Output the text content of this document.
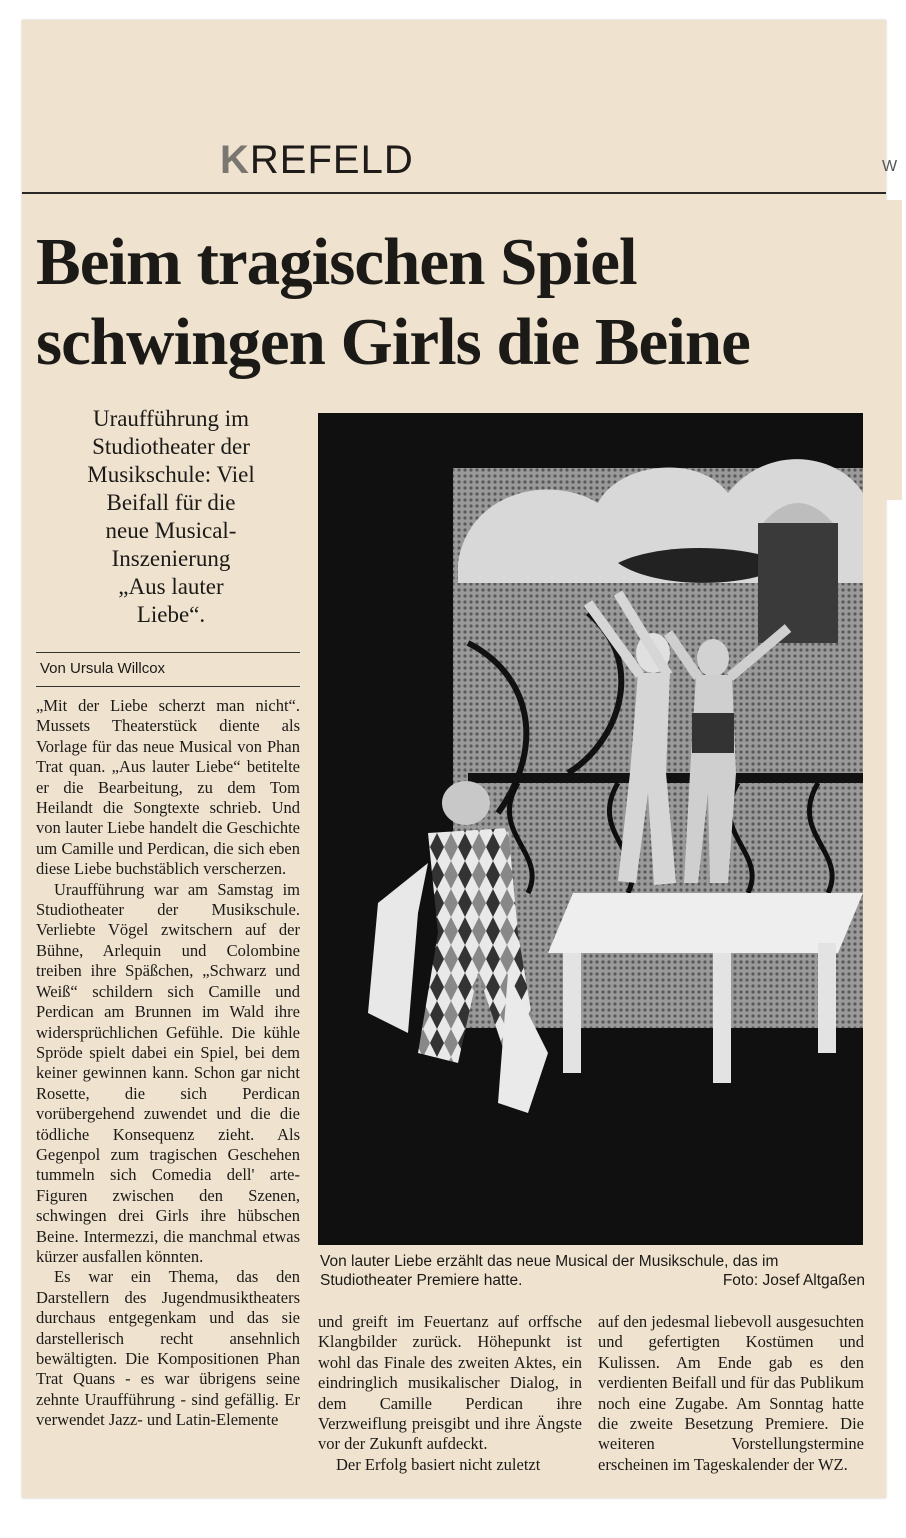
KREFELD	W
Beim tragischen Spiel
schwingen Girls die Beine
Uraufführung im
Studiotheater der
Musikschule: Viel
Beifall für die
neue Musical-
Inszenierung
„Aus lauter
Liebe“.
Von Ursula Willcox

„Mit der Liebe scherzt man nicht“. Mussets Theaterstück diente als Vorlage für das neue Musical von Phan Trat quan. „Aus lauter Liebe“ betitelte er die Bearbeitung, zu dem Tom Heilandt die Songtexte schrieb. Und von lauter Liebe handelt die Geschichte um Camille und Perdican, die sich eben diese Liebe buchstäblich verscherzen.

Uraufführung war am Samstag im Studiotheater der Musikschule. Verliebte Vögel zwitschern auf der Bühne, Arlequin und Colombine treiben ihre Späßchen, „Schwarz und Weiß“ schildern sich Camille und Perdican am Brunnen im Wald ihre widersprüchlichen Gefühle. Die kühle Spröde spielt dabei ein Spiel, bei dem keiner gewinnen kann. Schon gar nicht Rosette, die sich Perdican vorübergehend zuwendet und die die tödliche Konsequenz zieht. Als Gegenpol zum tragischen Geschehen tummeln sich Comedia dell' arte-Figuren zwischen den Szenen, schwingen drei Girls ihre hübschen Beine. Intermezzi, die manchmal etwas kürzer ausfallen könnten.

Es war ein Thema, das den Darstellern des Jugendmusiktheaters durchaus entgegenkam und das sie darstellerisch recht ansehnlich bewältigten. Die Kompositionen Phan Trat Quans - es war übrigens seine zehnte Uraufführung - sind gefällig. Er verwendet Jazz- und Latin-Elemente

Von lauter Liebe erzählt das neue Musical der Musikschule, das im Studiotheater Premiere hatte.	Foto: Josef Altgaßen

und greift im Feuertanz auf orffsche Klangbilder zurück. Höhepunkt ist wohl das Finale des zweiten Aktes, ein eindringlich musikalischer Dialog, in dem Camille Perdican ihre Verzweiflung preisgibt und ihre Ängste vor der Zukunft aufdeckt.

Der Erfolg basiert nicht zuletzt

auf den jedesmal liebevoll ausgesuchten und gefertigten Kostümen und Kulissen. Am Ende gab es den verdienten Beifall und für das Publikum noch eine Zugabe. Am Sonntag hatte die zweite Besetzung Premiere. Die weiteren Vorstellungstermine erscheinen im Tageskalender der WZ.
